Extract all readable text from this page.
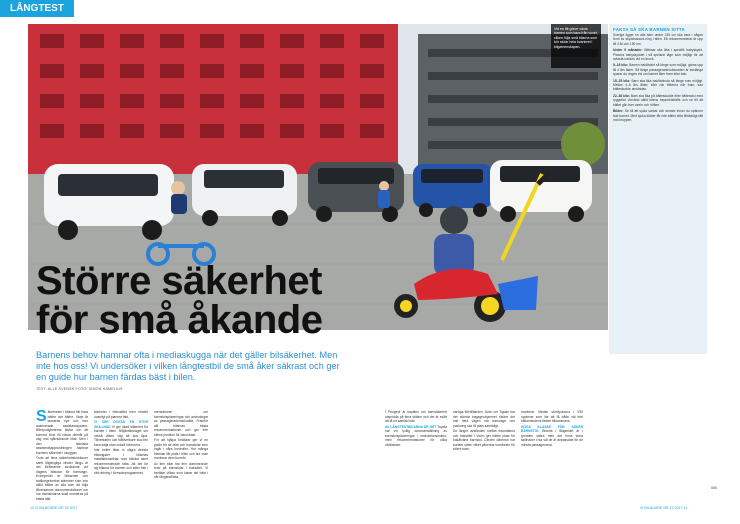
LÅNGTEST
Vid en titt göner växte barnen som bara från vuxet, vilken följa små bilarna som kör stolar hela kvarteret i bilgemenskapen.
Större säkerhet
för små åkande
Barnens behov hamnar ofta i mediaskugga när det gäller bilsäkerhet. Men inte hos oss! Vi undersöker i vilken långtestbil de små åker säkrast och ger en guide hur barnen färdas bäst i bilen.
TEXT: ALLE SVENSK FOTO: SIMON HAMELIUS
S äkerheten i bilarna blir bara bättre och bättre. Varje år lanseras nya och mer avancerade assistanssystem. Bilmyndigheterna tävlar om att komma först till nästa delmål på väg mot självkörande bilar. Men i den tekniska assistentkapprustningen hamnar barnens säkerhet i skuggan.

Trots att flera säkerhetsfunktioner samt tillgängliga vinster längs är det förtfarande avvikande vid dagens bilstolar för barnvagn. Exempelvis är bilbarnen och trafikregelverket stämmer som inte alltid bättre av alla som att följa tillverkarnas rekommendationer om hur barnstolarna skall monteras på bästa sätt.

klarheter i frekvalitet men relativt ovanligt på planera fakt.

VI SER OCKSÅ EN STOR SKILLNAD Vi ger ökad säkerhet för barnen i bilen. Biltjänstbolaget ser också vilken väg att ska löpa. Tillverkaren och biltillverkare ska inte bara sälja utan också informera.

Inte heller tittar vi några direkta bilstolgater i bilarnas installationsriktar, som billskot samt rekommenderade rätta. Att det lär sig bilarna för barnen och sitter inte i rätt riktning i förmodeprogrammet.

mendationer om barnstolsplaceringar och anvisningar av passagerarkrockkudde. Framför allt bilarnas bästa rekommendationer och ger inte bilens position för barnstolar.

För att hjälpa föräldrar ger vi en guide för de bilar och barnstolar som ingår i våra kontroller. Hur många bilstolar får plats i bilen och hur man monterar dem korrekt.

Av fem bilar har fem dominerande krav på barnstolar i baksätet. Vi berättar vilken som klarar det bäst i vår långtestflotta.

I Peugeot är kapitlen om barnsäkerhet utspridda på flera ställen och det är svårt att få en samlad bild.

AV LÅNGTESTBILARNA ÄR DET Toyota har en tydlig sammanställning av barnstolsplaceringar i instruktionsboken, med rekommendationer för olika viktklasser.

vanliga förhållanden. Även om Tiguan har det största bagageutrymmet räcker det inte hela vägen när barnvagn och packning ska få plats samtidigt.

De längre avstånden mellan framsätena och baksätet i Volvo ger bättre plats för bakåtvänd barnstol. Citroën däremot har kortare säten vilket påverkar komforten för större barn.

monterar. Medan störtlyckorna i V90 upplever som lite att få både väl inte bilbarnstolens fästen tillsammans.

HÖGA KLASSE FÖR SÄKER BARNSTOL Bilarna i långtestet är i grunden säkra men det finns stora skillnader i hur väl de är anpassade för de minsta passagerarna.

FAKTA SÅ SKA BARNEN SITTA

Sverige ligger en alla barn under 135 cm ska vara i någon form av skyddsanord-ning i bilen. Ett rekommenderat är upp till 4 år och 150 cm.

Under 9 månader: Bäbisar ska åka i specifik babyskydd. Placera babyskyddet i så spetsrie läge som möjligt för att avlasta nacken vid en krock.

9–18 kilo: Barnen bakåtvänt så länge som möjligt, gärna upp till 4 års ålder. Så länge passagerarkrockkudden är avstängd sparar du ringen vid om barnet åker fram eller bak.

15–25 kilo: Barn ska åka bakåtvända så länge som möjligt. Mellan 4–6 års ålder, eller när fötterna når fram, kan bälteskudde användas.

22–36 kilo: Barn ska åka på bälteskudde eller bältesstol med ryggstöd. Använd alltid bilens trepunktsbälte och se till att bältet går över axeln och höften.

Bilder: Se till att sjuka sarkar och senare innan du spänner fast barnet. Med sjuka kläder får inte bältet sitta tillräckligt tätt mot kroppen.

000
10 VI BILÄGARE NR 15 2017	VI BILÄGARE NR 15 2017 11
